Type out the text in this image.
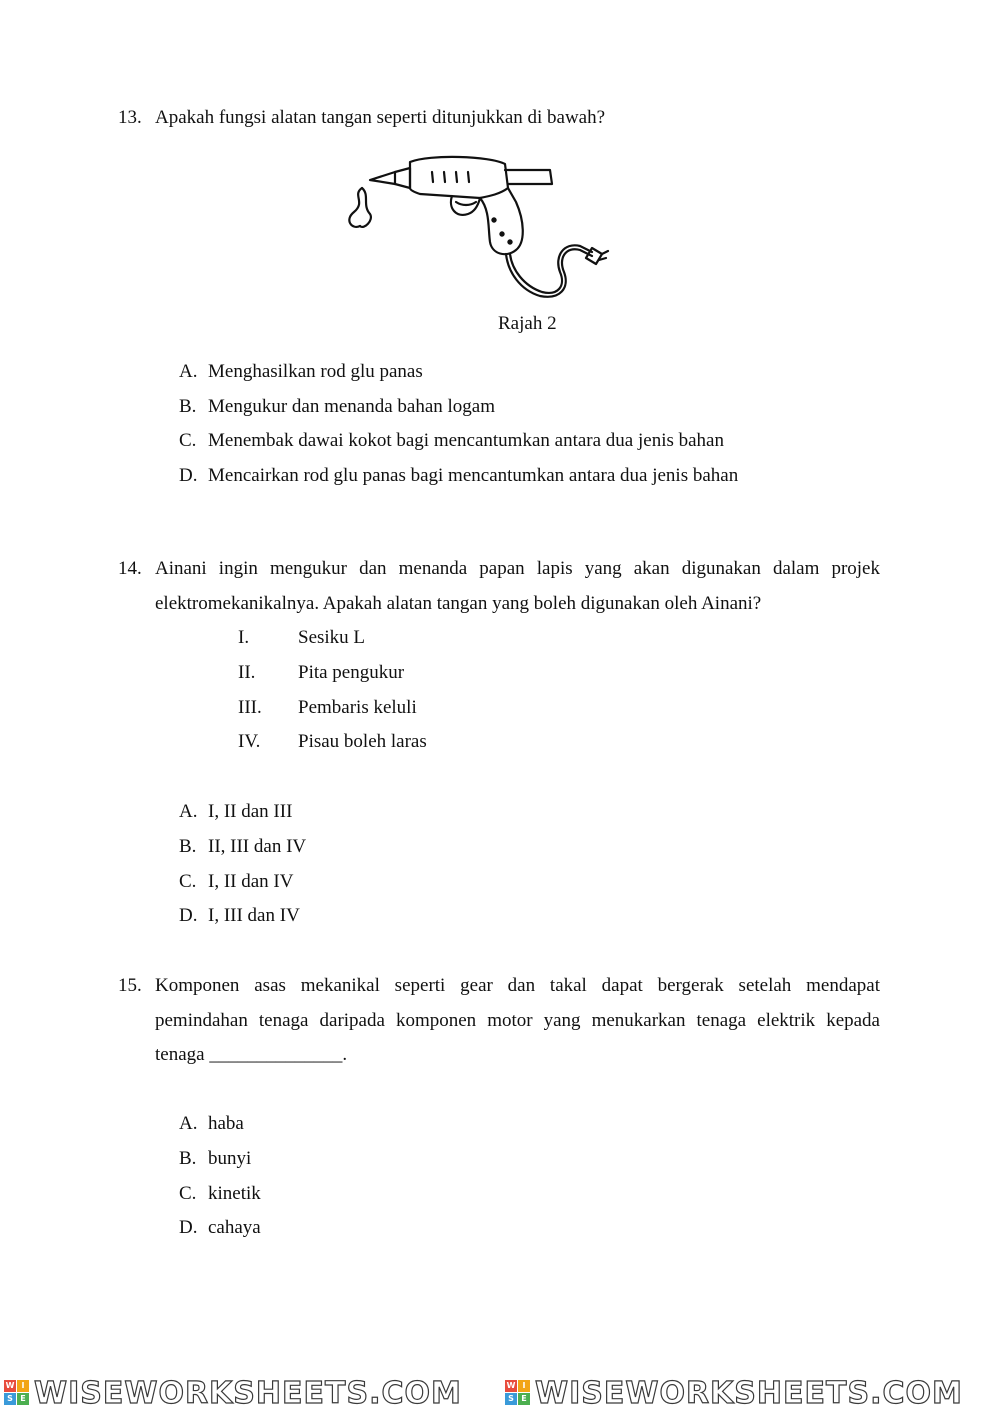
13. Apakah fungsi alatan tangan seperti ditunjukkan di bawah?
Rajah 2
A. Menghasilkan rod glu panas
B. Mengukur dan menanda bahan logam
C. Menembak dawai kokot bagi mencantumkan antara dua jenis bahan
D. Mencairkan rod glu panas bagi mencantumkan antara dua jenis bahan
14. Ainani ingin mengukur dan menanda papan lapis yang akan digunakan dalam projek
elektromekanikalnya. Apakah alatan tangan yang boleh digunakan oleh Ainani?
I.	Sesiku L
II. Pita pengukur
III. Pembaris keluli
IV. Pisau boleh laras
A. I, II dan III
B. II, III dan IV
C. I, II dan IV
D. I, III dan IV
15. Komponen asas mekanikal seperti gear dan takal dapat bergerak setelah mendapat
pemindahan tenaga daripada komponen motor yang menukarkan tenaga elektrik kepada
tenaga ______________.
A. haba
B. bunyi
C. kinetik
D. cahaya
W I
S E WISEWORKSHEETS.COM	W I
S E WISEWORKSHEETS.COM
